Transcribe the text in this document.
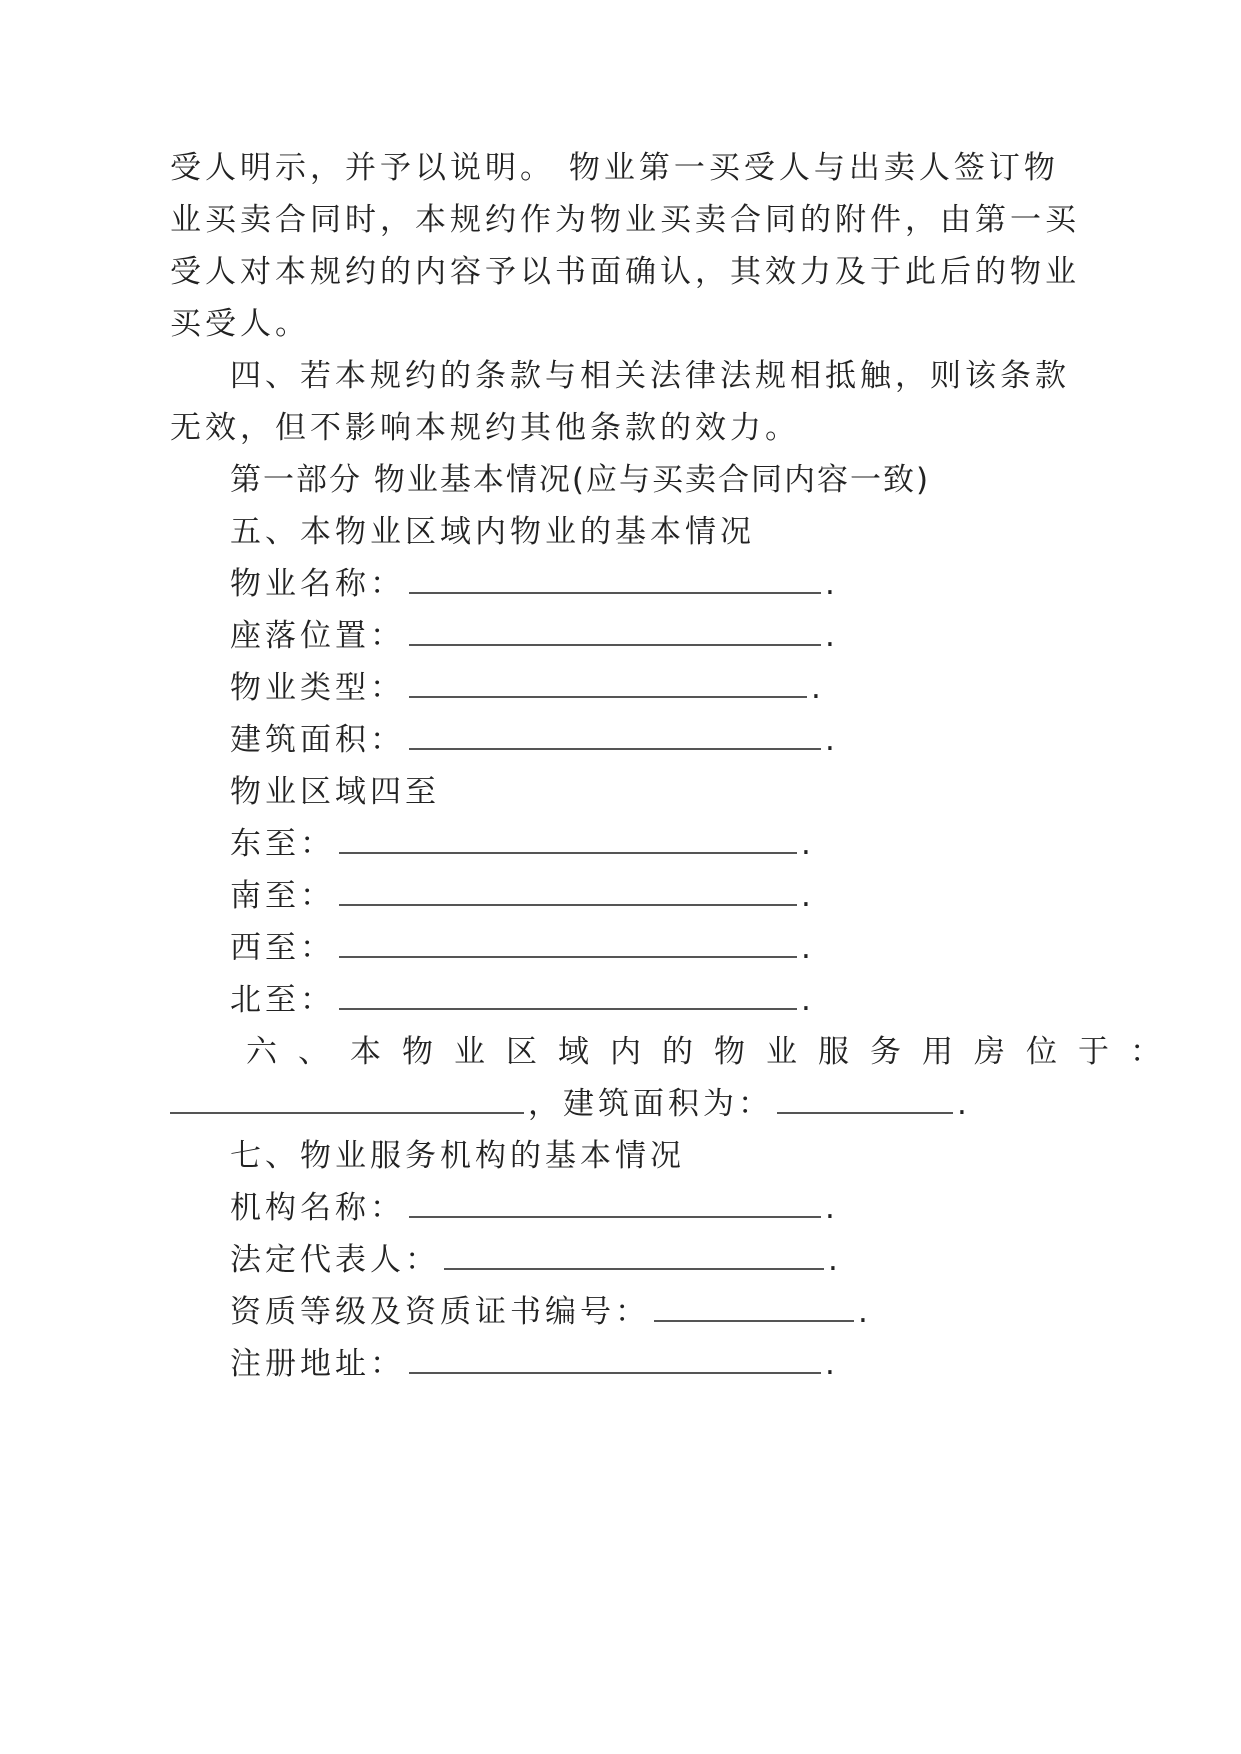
受人明示，并予以说明。 物业第一买受人与出卖人签订物
业买卖合同时，本规约作为物业买卖合同的附件，由第一买
受人对本规约的内容予以书面确认，其效力及于此后的物业
买受人。
四、若本规约的条款与相关法律法规相抵触，则该条款
无效，但不影响本规约其他条款的效力。
第一部分 物业基本情况(应与买卖合同内容一致)
五、本物业区域内物业的基本情况
物业名称：	.
座落位置：	.
物业类型：	.
建筑面积：	.
物业区域四至
东至：	.
南至：	.
西至：	.
北至：	.
六、本物业区域内的物业服务用房位于：
，建筑面积为：	.
七、物业服务机构的基本情况
机构名称：	.
法定代表人：	.
资质等级及资质证书编号：	.
注册地址：	.
